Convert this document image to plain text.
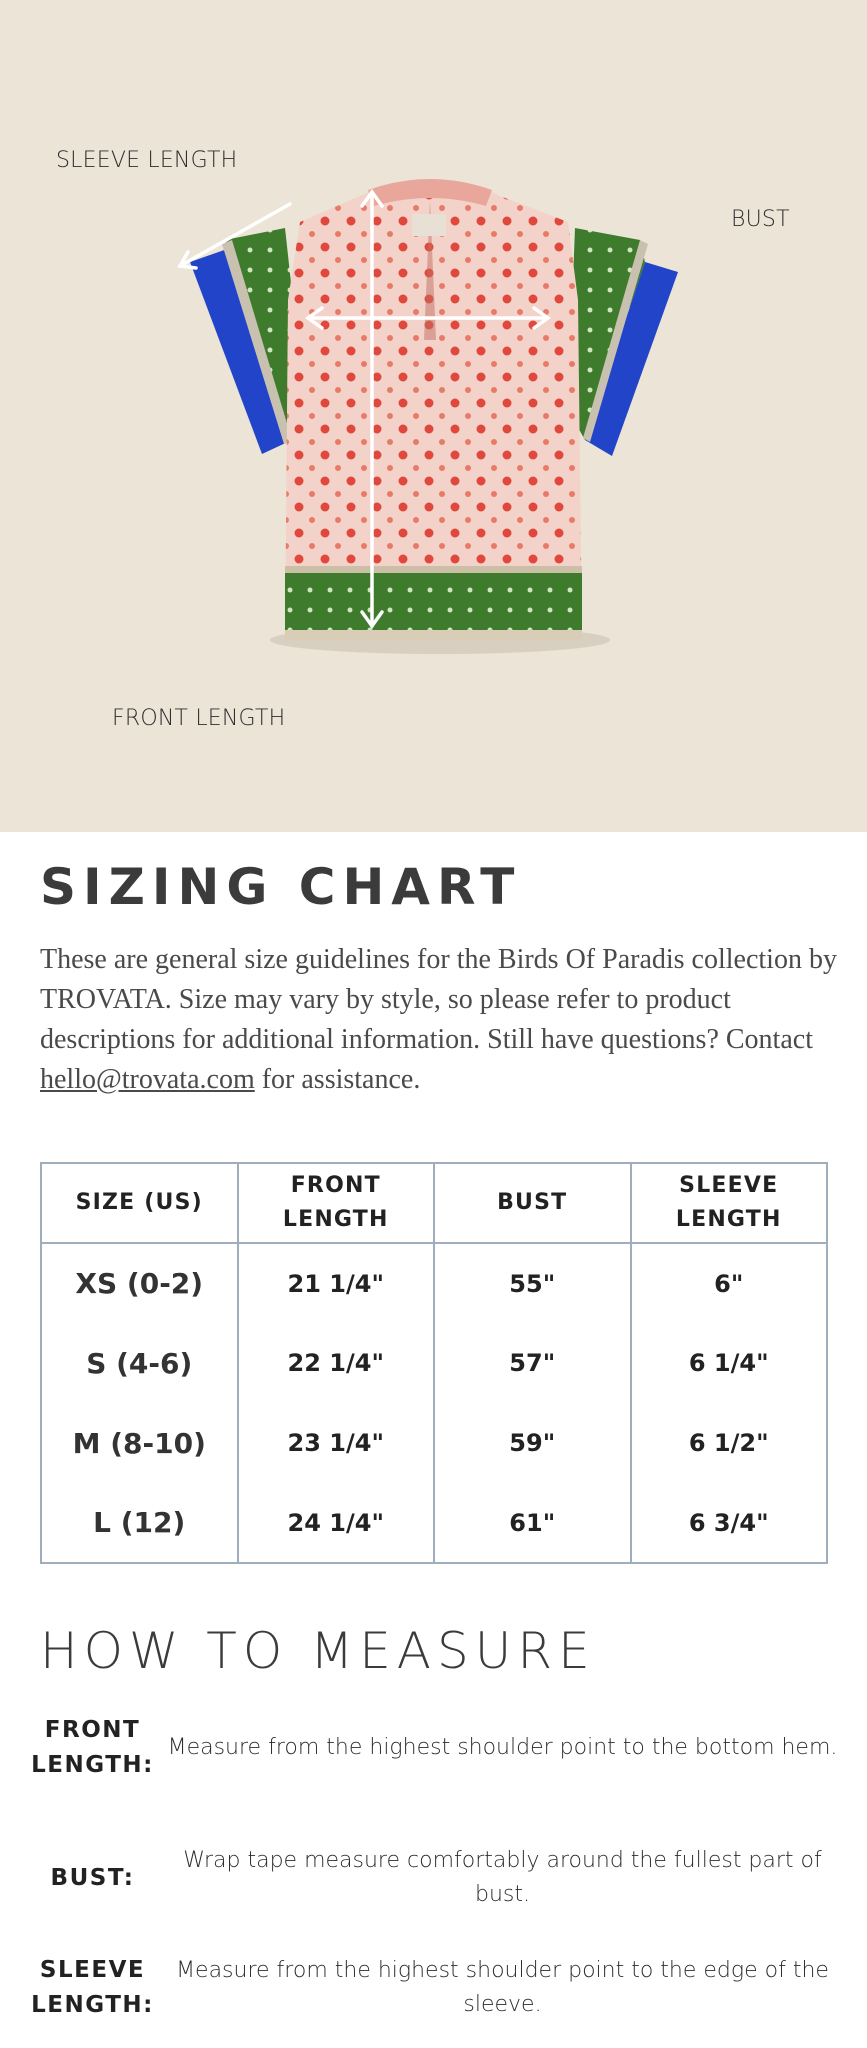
SLEEVE LENGTH
BUST
FRONT LENGTH
SIZING CHART

These are general size guidelines for the Birds Of Paradis collection by TROVATA. Size may vary by style, so please refer to product descriptions for additional information. Still have questions? Contact hello@trovata.com for assistance.

SIZE (US)	FRONT LENGTH	BUST	SLEEVE LENGTH
XS (0-2)	21 1/4"	55"	6"
S (4-6)	22 1/4"	57"	6 1/4"
M (8-10)	23 1/4"	59"	6 1/2"
L (12)	24 1/4"	61"	6 3/4"
HOW TO MEASURE
FRONT LENGTH:
Measure from the highest shoulder point to the bottom hem.
BUST:
Wrap tape measure comfortably around the fullest part of bust.
SLEEVE LENGTH:
Measure from the highest shoulder point to the edge of the sleeve.
